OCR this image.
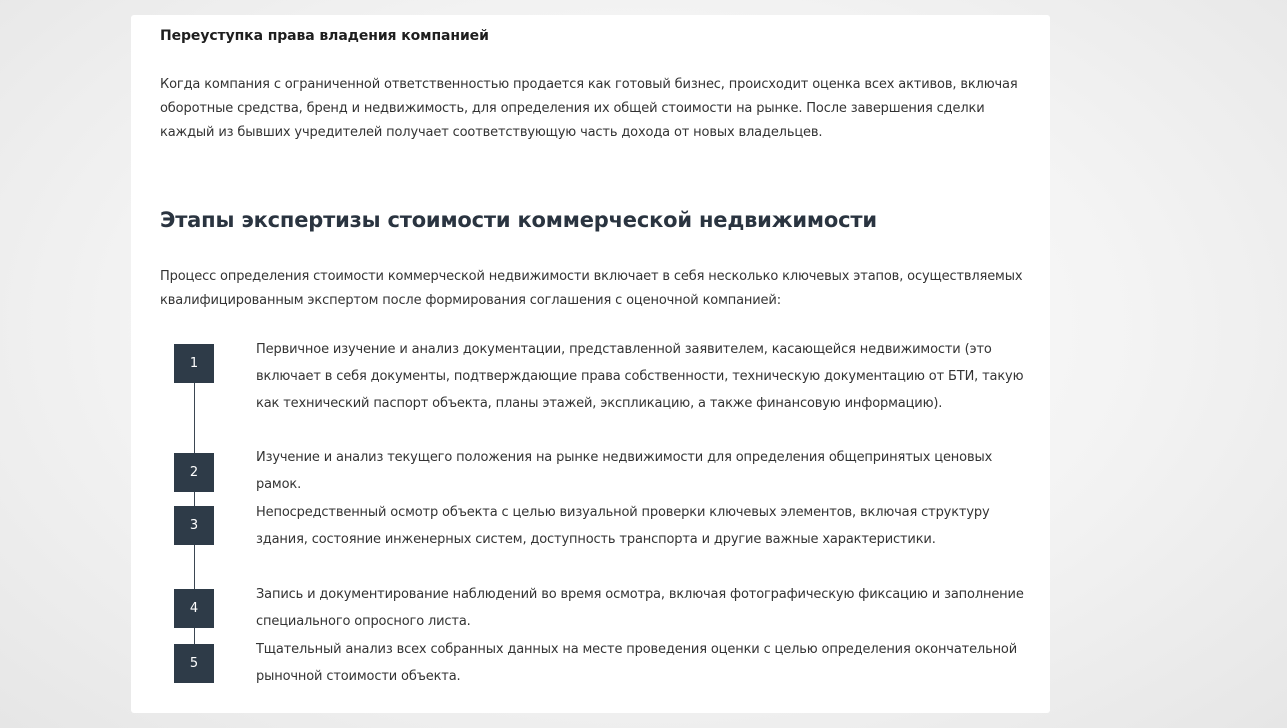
Переуступка права владения компанией

Когда компания с ограниченной ответственностью продается как готовый бизнес, происходит оценка всех активов, включая оборотные средства, бренд и недвижимость, для определения их общей стоимости на рынке. После завершения сделки каждый из бывших учредителей получает соответствующую часть дохода от новых владельцев.

Этапы экспертизы стоимости коммерческой недвижимости

Процесс определения стоимости коммерческой недвижимости включает в себя несколько ключевых этапов, осуществляемых квалифицированным экспертом после формирования соглашения с оценочной компанией:

1

Первичное изучение и анализ документации, представленной заявителем, касающейся недвижимости (это включает в себя документы, подтверждающие права собственности, техническую документацию от БТИ, такую как технический паспорт объекта, планы этажей, экспликацию, а также финансовую информацию).

2

Изучение и анализ текущего положения на рынке недвижимости для определения общепринятых ценовых рамок.

3

Непосредственный осмотр объекта с целью визуальной проверки ключевых элементов, включая структуру здания, состояние инженерных систем, доступность транспорта и другие важные характеристики.

4

Запись и документирование наблюдений во время осмотра, включая фотографическую фиксацию и заполнение специального опросного листа.

5

Тщательный анализ всех собранных данных на месте проведения оценки с целью определения окончательной рыночной стоимости объекта.
